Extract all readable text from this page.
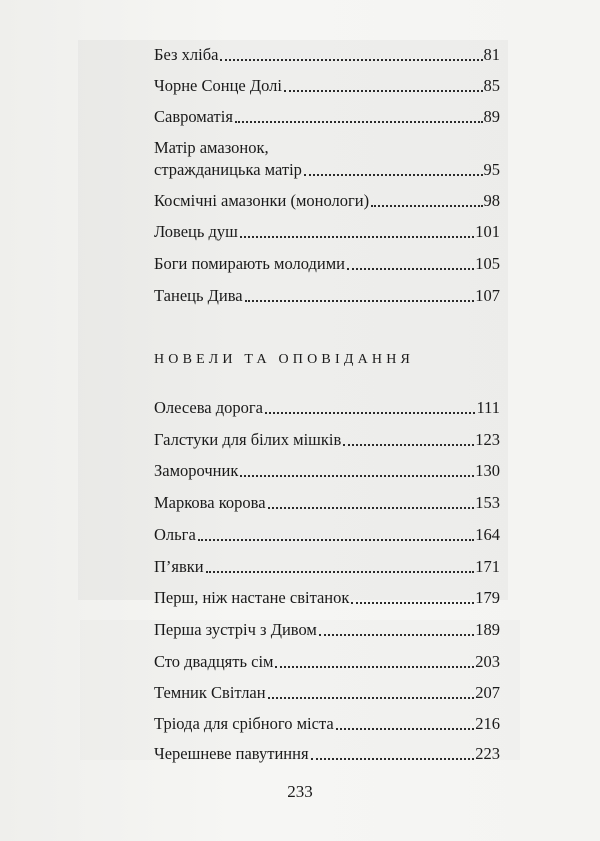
Без хліба	81
Чорне Сонце Долі	85
Савроматія	89
Матір амазонок,
стражданицька матір	95
Космічні амазонки (монологи)	98
Ловець душ	101
Боги помирають молодими	105
Танець Дива	107
НОВЕЛИ ТА ОПОВІДАННЯ
Олесева дорога	111
Галстуки для білих мішків	123
Заморочник	130
Маркова корова	153
Ольга	164
П’явки	171
Перш, ніж настане світанок	179
Перша зустріч з Дивом	189
Сто двадцять сім	203
Темник Світлан	207
Тріода для срібного міста	216
Черешневе павутиння	223
233
